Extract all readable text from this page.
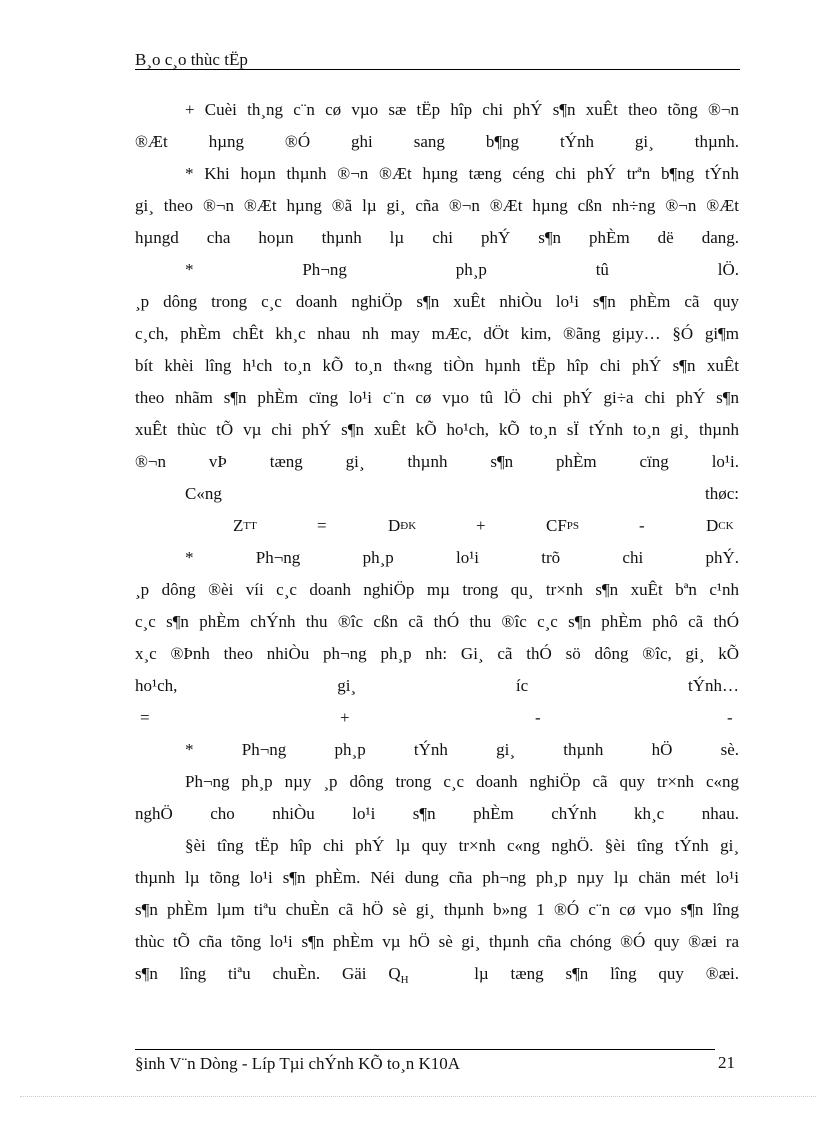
B¸o c¸o thùc tËp
+ Cuèi th¸ng c¨n cø vµo sæ tËp hîp chi phÝ s¶n xuÊt theo tõng ®¬n
®Æt hµng ®Ó ghi sang b¶ng tÝnh gi¸ thµnh.
* Khi hoµn thµnh ®¬n ®Æt hµng tæng céng chi phÝ trªn b¶ng tÝnh
gi¸ theo ®¬n ®Æt hµng ®ã lµ gi¸ cña ®¬n ®Æt hµng cßn nh÷ng ®¬n ®Æt
hµngd cha hoµn thµnh lµ chi phÝ s¶n phÈm dë dang.
* Ph¬ng ph¸p tû lÖ.
¸p dông trong c¸c doanh nghiÖp s¶n xuÊt nhiÒu lo¹i s¶n phÈm cã quy
c¸ch, phÈm chÊt kh¸c nhau nh may mÆc, dÖt kim, ®ãng giµy… §Ó gi¶m
bít khèi lîng h¹ch to¸n kÕ to¸n th«ng tiÒn hµnh tËp hîp chi phÝ s¶n xuÊt
theo nhãm s¶n phÈm cïng lo¹i c¨n cø vµo tû lÖ chi phÝ gi÷a chi phÝ s¶n
xuÊt thùc tÕ vµ chi phÝ s¶n xuÊt kÕ ho¹ch, kÕ to¸n sÏ tÝnh to¸n gi¸ thµnh
®¬n vÞ tæng gi¸ thµnh s¶n phÈm cïng lo¹i.
C«ng thøc:
Z TT	=	D ĐK	+	CF PS	-	D CK
* Ph¬ng ph¸p lo¹i trõ chi phÝ.
¸p dông ®èi víi c¸c doanh nghiÖp mµ trong qu¸ tr×nh s¶n xuÊt bªn c¹nh
c¸c s¶n phÈm chÝnh thu ®îc cßn cã thÓ thu ®îc c¸c s¶n phÈm phô cã thÓ
x¸c ®Þnh theo nhiÒu ph¬ng ph¸p nh: Gi¸ cã thÓ sö dông ®îc, gi¸ kÕ
ho¹ch, gi¸ íc tÝnh…
=	+	-	-
* Ph¬ng ph¸p tÝnh gi¸ thµnh hÖ sè.
Ph¬ng ph¸p nµy ¸p dông trong c¸c doanh nghiÖp cã quy tr×nh c«ng
nghÖ cho nhiÒu lo¹i s¶n phÈm chÝnh kh¸c nhau.
§èi tîng tËp hîp chi phÝ lµ quy tr×nh c«ng nghÖ. §èi tîng tÝnh gi¸
thµnh lµ tõng lo¹i s¶n phÈm. Néi dung cña ph¬ng ph¸p nµy lµ chän mét lo¹i
s¶n phÈm lµm tiªu chuÈn cã hÖ sè gi¸ thµnh b»ng 1 ®Ó c¨n cø vµo s¶n lîng
thùc tÕ cña tõng lo¹i s¶n phÈm vµ hÖ sè gi¸ thµnh cña chóng ®Ó quy ®æi ra
s¶n lîng tiªu chuÈn. Gäi $Q_H$	lµ tæng s¶n lîng quy ®æi.
§inh V¨n Dòng - Líp Tµi chÝnh KÕ to¸n K10A	21
